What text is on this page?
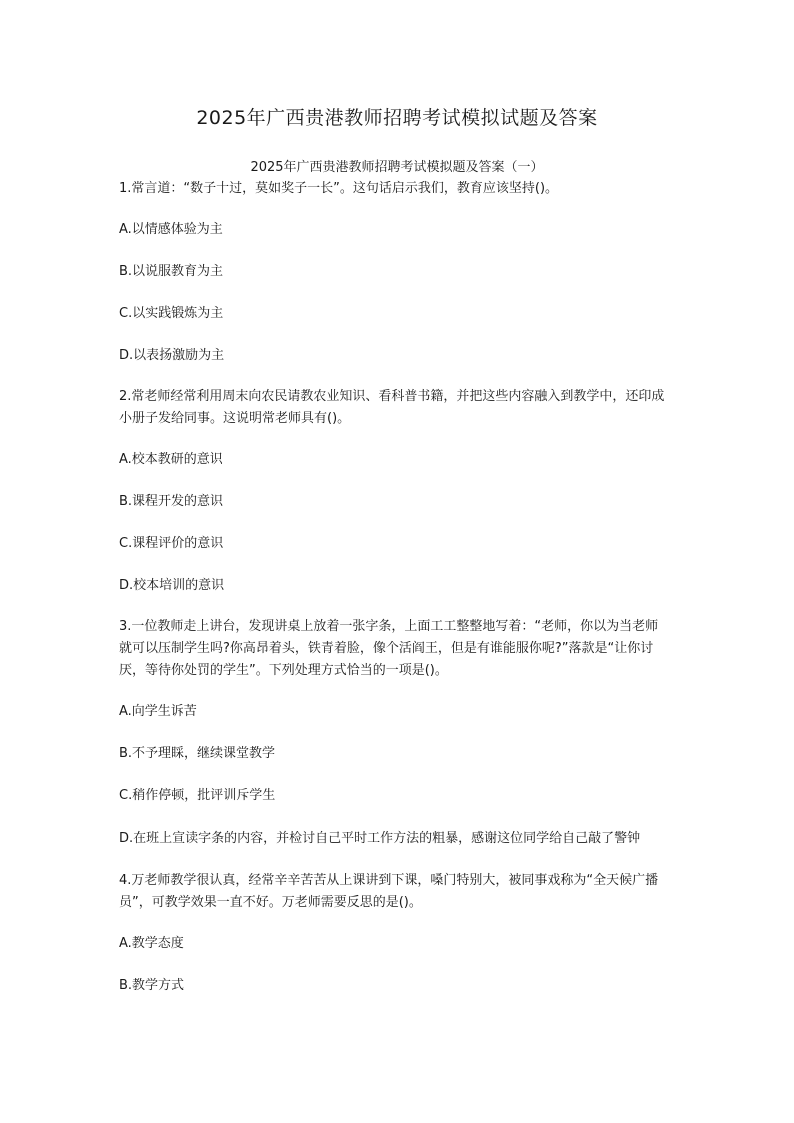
2025年广西贵港教师招聘考试模拟试题及答案
2025年广西贵港教师招聘考试模拟题及答案（一）

1.常言道：“数子十过，莫如奖子一长”。这句话启示我们，教育应该坚持()。

A.以情感体验为主

B.以说服教育为主

C.以实践锻炼为主

D.以表扬激励为主

2.常老师经常利用周末向农民请教农业知识、看科普书籍，并把这些内容融入到教学中，还印成小册子发给同事。这说明常老师具有()。

A.校本教研的意识

B.课程开发的意识

C.课程评价的意识

D.校本培训的意识

3.一位教师走上讲台，发现讲桌上放着一张字条，上面工工整整地写着：“老师，你以为当老师就可以压制学生吗?你高昂着头，铁青着脸，像个活阎王，但是有谁能服你呢?”落款是“让你讨厌，等待你处罚的学生”。下列处理方式恰当的一项是()。

A.向学生诉苦

B.不予理睬，继续课堂教学

C.稍作停顿，批评训斥学生

D.在班上宣读字条的内容，并检讨自己平时工作方法的粗暴，感谢这位同学给自己敲了警钟

4.万老师教学很认真，经常辛辛苦苦从上课讲到下课，嗓门特别大，被同事戏称为“全天候广播员”，可教学效果一直不好。万老师需要反思的是()。

A.教学态度

B.教学方式
